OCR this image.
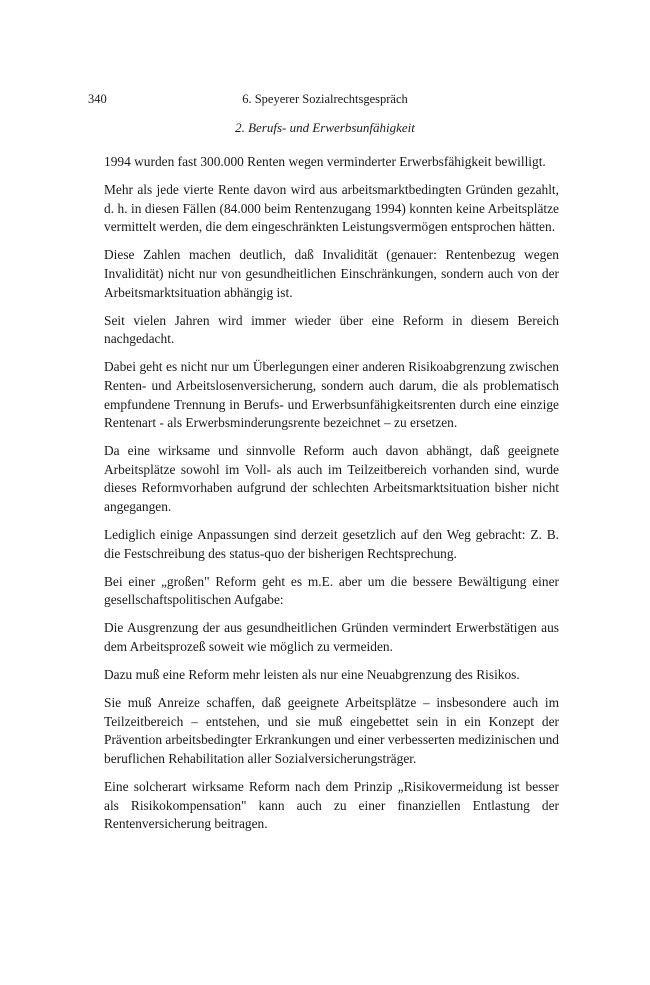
340	6. Speyerer Sozialrechtsgespräch
2. Berufs- und Erwerbsunfähigkeit

1994 wurden fast 300.000 Renten wegen verminderter Erwerbsfähigkeit bewilligt.

Mehr als jede vierte Rente davon wird aus arbeitsmarktbedingten Gründen gezahlt, d. h. in diesen Fällen (84.000 beim Rentenzugang 1994) konnten keine Arbeitsplätze vermittelt werden, die dem eingeschränkten Leistungsvermögen entsprochen hätten.

Diese Zahlen machen deutlich, daß Invalidität (genauer: Rentenbezug wegen Invalidität) nicht nur von gesundheitlichen Einschränkungen, sondern auch von der Arbeitsmarktsituation abhängig ist.

Seit vielen Jahren wird immer wieder über eine Reform in diesem Bereich nachgedacht.

Dabei geht es nicht nur um Überlegungen einer anderen Risikoabgrenzung zwischen Renten- und Arbeitslosenversicherung, sondern auch darum, die als problematisch empfundene Trennung in Berufs- und Erwerbsunfähigkeitsrenten durch eine einzige Rentenart - als Erwerbsminderungsrente bezeichnet – zu ersetzen.

Da eine wirksame und sinnvolle Reform auch davon abhängt, daß geeignete Arbeitsplätze sowohl im Voll- als auch im Teilzeitbereich vorhanden sind, wurde dieses Reformvorhaben aufgrund der schlechten Arbeitsmarktsituation bisher nicht angegangen.

Lediglich einige Anpassungen sind derzeit gesetzlich auf den Weg gebracht: Z. B. die Festschreibung des status-quo der bisherigen Rechtsprechung.

Bei einer „großen" Reform geht es m.E. aber um die bessere Bewältigung einer gesellschaftspolitischen Aufgabe:

Die Ausgrenzung der aus gesundheitlichen Gründen vermindert Erwerbstätigen aus dem Arbeitsprozeß soweit wie möglich zu vermeiden.

Dazu muß eine Reform mehr leisten als nur eine Neuabgrenzung des Risikos.

Sie muß Anreize schaffen, daß geeignete Arbeitsplätze – insbesondere auch im Teilzeitbereich – entstehen, und sie muß eingebettet sein in ein Konzept der Prävention arbeitsbedingter Erkrankungen und einer verbesserten medizinischen und beruflichen Rehabilitation aller Sozialversicherungsträger.

Eine solcherart wirksame Reform nach dem Prinzip „Risikovermeidung ist besser als Risikokompensation" kann auch zu einer finanziellen Entlastung der Rentenversicherung beitragen.
